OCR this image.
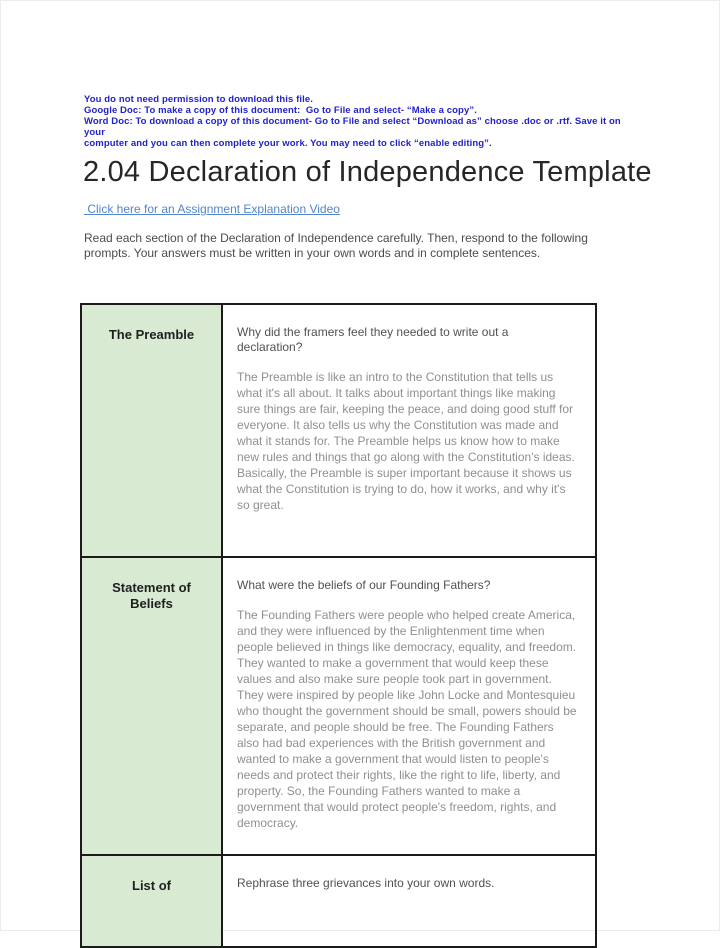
You do not need permission to download this file.
Google Doc: To make a copy of this document:  Go to File and select- “Make a copy”.
Word Doc: To download a copy of this document- Go to File and select “Download as” choose .doc or .rtf. Save it on your
computer and you can then complete your work. You may need to click “enable editing”.
2.04 Declaration of Independence Template
Click here for an Assignment Explanation Video
Read each section of the Declaration of Independence carefully. Then, respond to the following prompts. Your answers must be written in your own words and in complete sentences.
The Preamble	Why did the framers feel they needed to write out a declaration?
The Preamble is like an intro to the Constitution that tells us what it's all about. It talks about important things like making sure things are fair, keeping the peace, and doing good stuff for everyone. It also tells us why the Constitution was made and what it stands for. The Preamble helps us know how to make new rules and things that go along with the Constitution's ideas. Basically, the Preamble is super important because it shows us what the Constitution is trying to do, how it works, and why it's so great.

Statement of Beliefs	What were the beliefs of our Founding Fathers?
The Founding Fathers were people who helped create America, and they were influenced by the Enlightenment time when people believed in things like democracy, equality, and freedom. They wanted to make a government that would keep these values and also make sure people took part in government. They were inspired by people like John Locke and Montesquieu who thought the government should be small, powers should be separate, and people should be free. The Founding Fathers also had bad experiences with the British government and wanted to make a government that would listen to people's needs and protect their rights, like the right to life, liberty, and property. So, the Founding Fathers wanted to make a government that would protect people's freedom, rights, and democracy.

List of	Rephrase three grievances into your own words.
